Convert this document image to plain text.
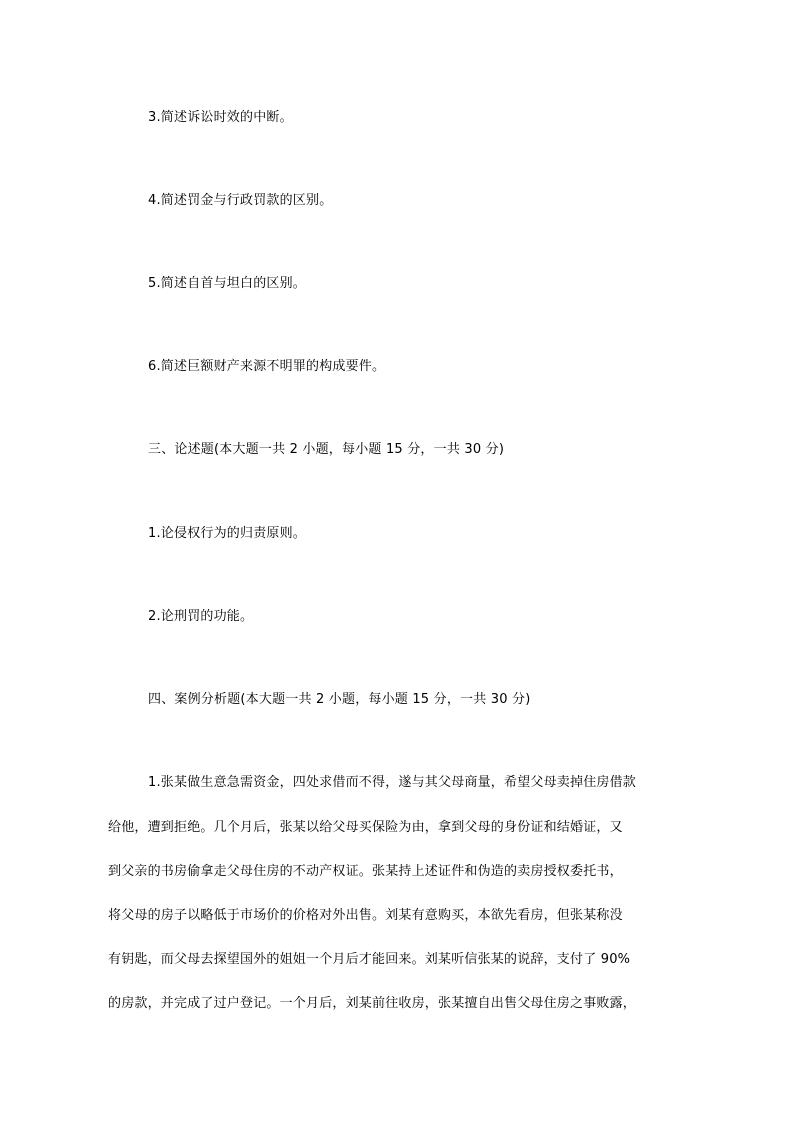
3.简述诉讼时效的中断。
4.简述罚金与行政罚款的区别。
5.简述自首与坦白的区别。
6.简述巨额财产来源不明罪的构成要件。
三、论述题(本大题一共 2 小题，每小题 15 分，一共 30 分)
1.论侵权行为的归责原则。
2.论刑罚的功能。
四、案例分析题(本大题一共 2 小题，每小题 15 分，一共 30 分)
1.张某做生意急需资金，四处求借而不得，遂与其父母商量，希望父母卖掉住房借款
给他，遭到拒绝。几个月后，张某以给父母买保险为由，拿到父母的身份证和结婚证，又
到父亲的书房偷拿走父母住房的不动产权证。张某持上述证件和伪造的卖房授权委托书，
将父母的房子以略低于市场价的价格对外出售。刘某有意购买，本欲先看房，但张某称没
有钥匙，而父母去探望国外的姐姐一个月后才能回来。刘某听信张某的说辞，支付了 90%
的房款，并完成了过户登记。一个月后，刘某前往收房，张某擅自出售父母住房之事败露，
